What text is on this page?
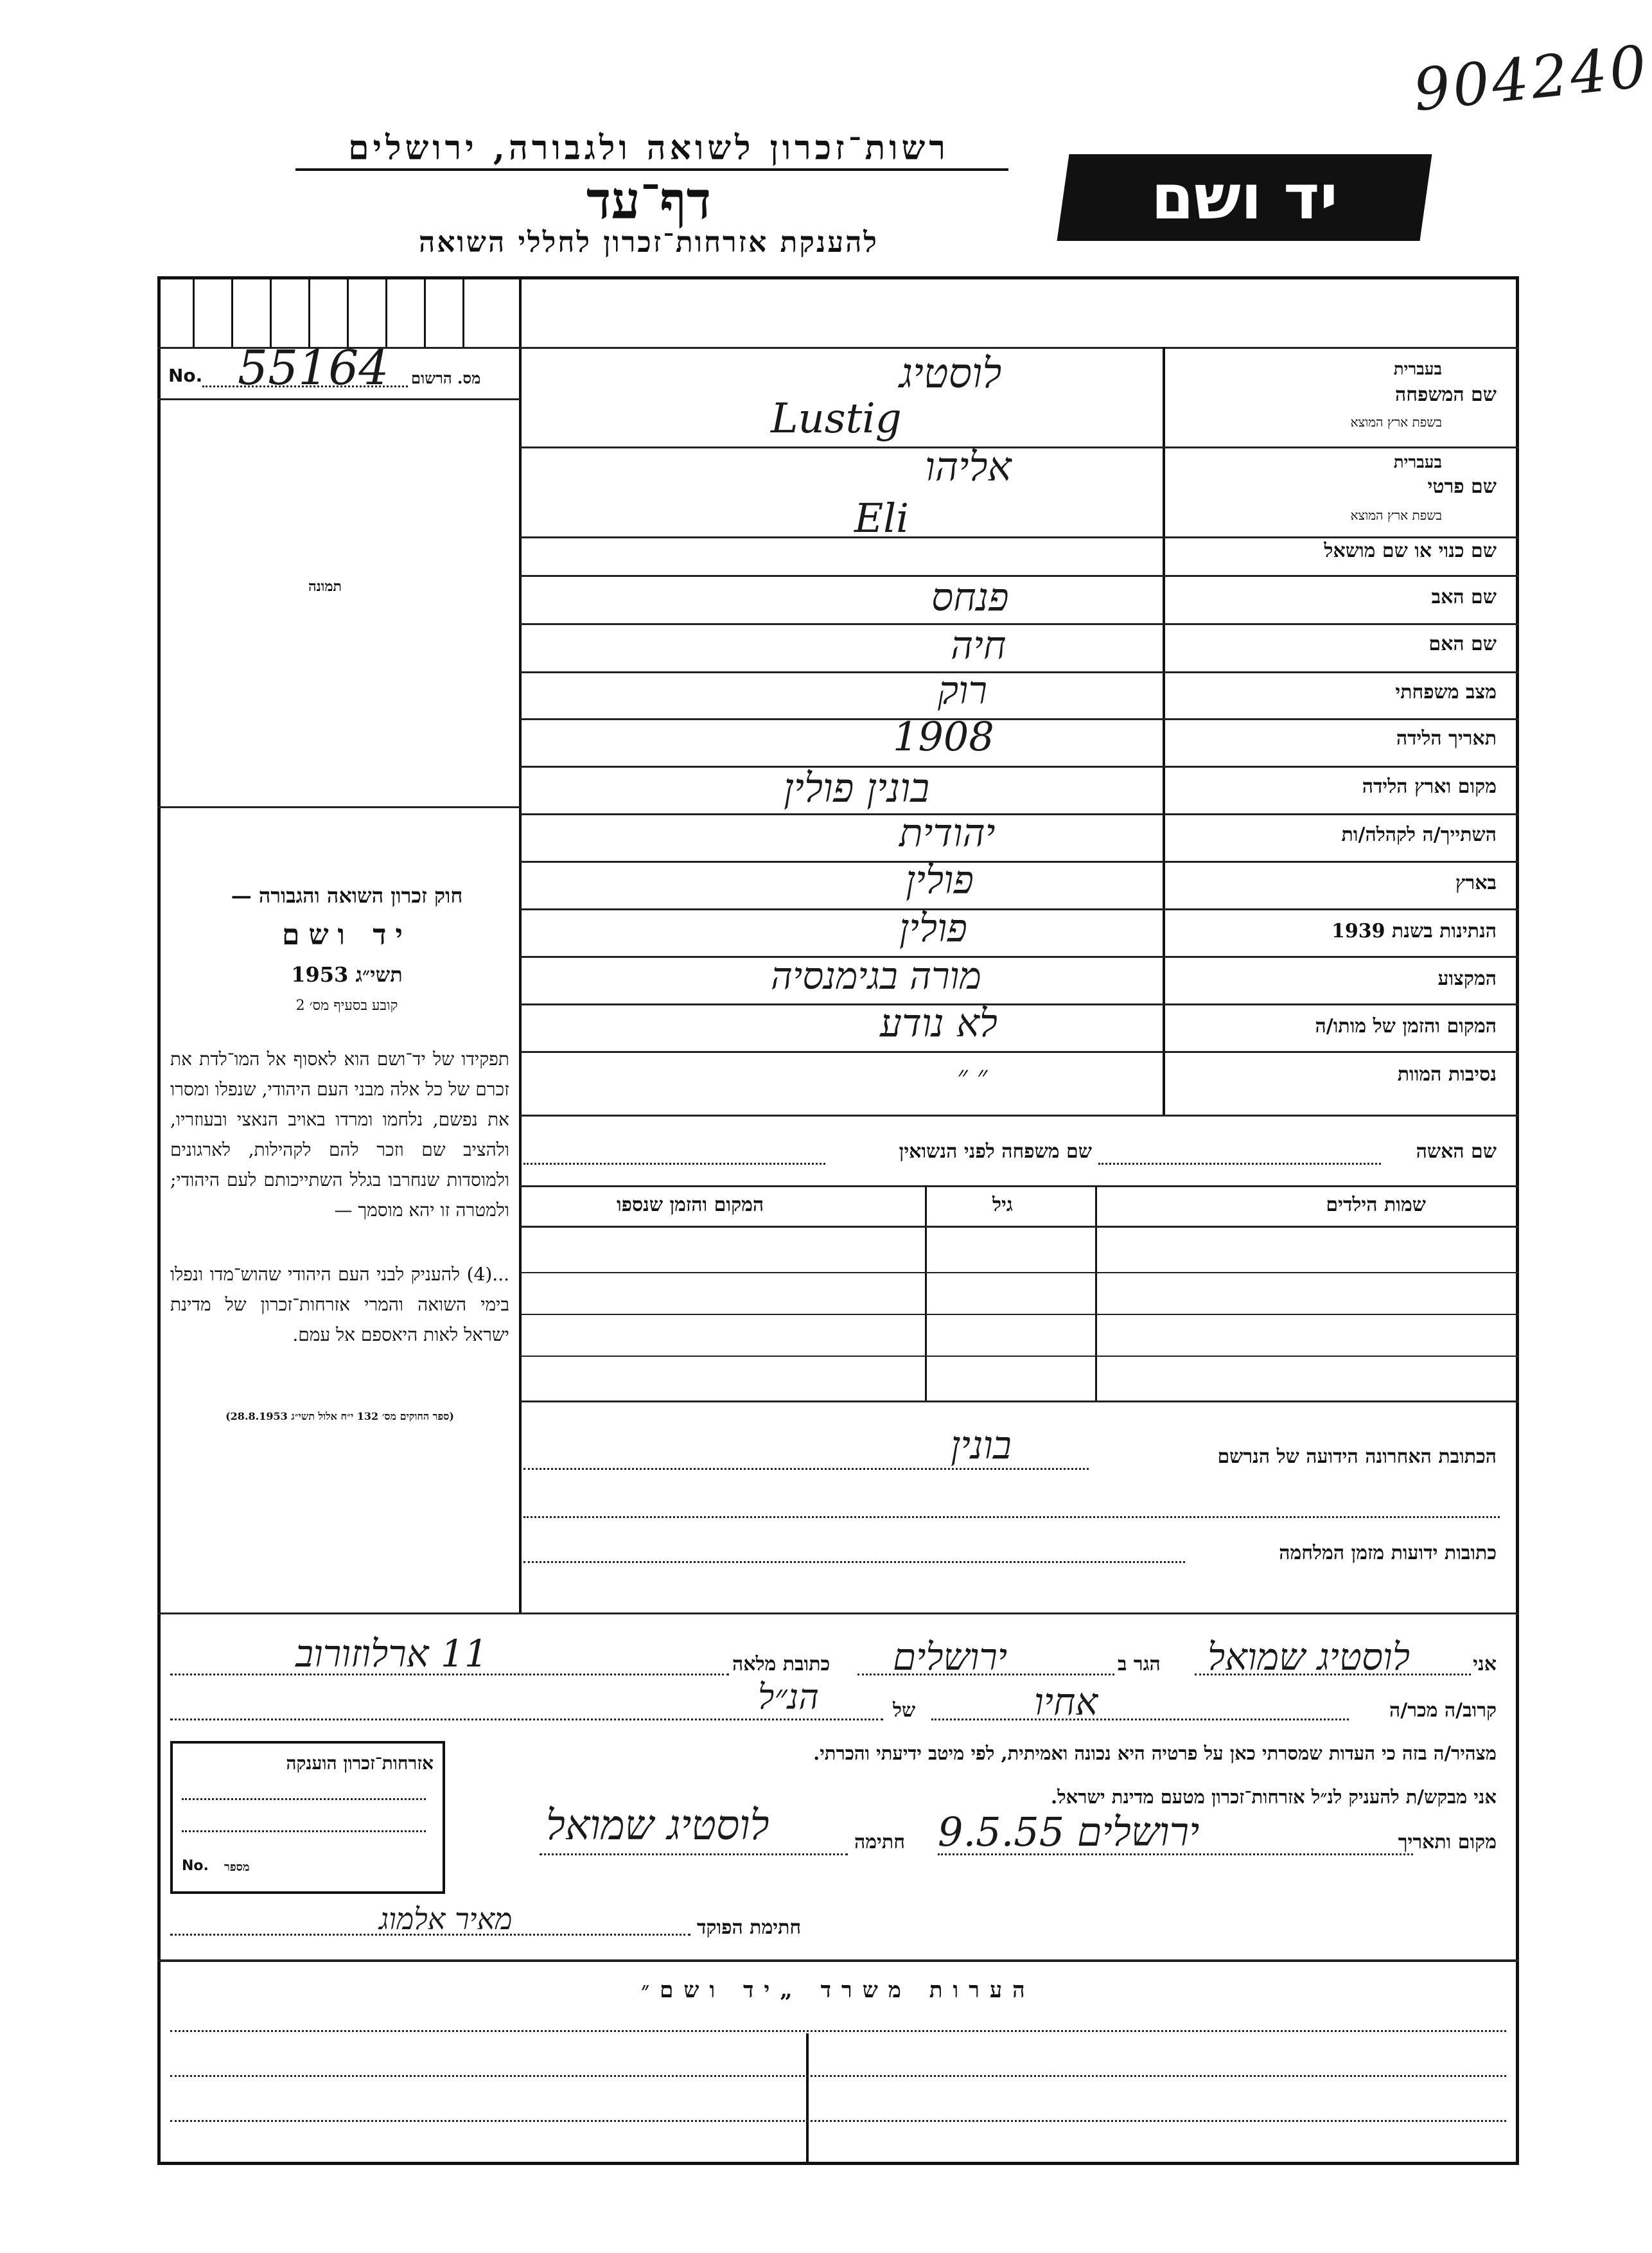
904240
רשות־זכרון לשואה ולגבורה, ירושלים
דף־עד
להענקת אזרחות־זכרון לחללי השואה
יד ושם
No. 55164 מס. הרשום
תמונה
חוק זכרון השואה והגבורה —
יד ושם
תשי״ג 1953
קובע בסעיף מס׳ 2
תפקידו של יד־ושם הוא לאסוף אל המו־לדת את זכרם של כל אלה מבני העם היהודי, שנפלו ומסרו את נפשם, נלחמו ומרדו באויב הנאצי ובעוזריו, ולהציב שם וזכר להם לקהילות, לארגונים ולמוסדות שנחרבו בגלל השתייכותם לעם היהודי; ולמטרה זו יהא מוסמך —
...(4) להעניק לבני העם היהודי שהוש־מדו ונפלו בימי השואה והמרי אזרחות־זכרון של מדינת ישראל לאות היאספם אל עמם.
(ספר החוקים מס׳ 132 י״ח אלול תשי״ג 28.8.1953)
שם המשפחה
בעברית
בשפת ארץ המוצא
לוסטיג
Lustig
שם פרטי
בעברית
בשפת ארץ המוצא
אליהו
Eli
שם כנוי או שם מושאל
שם האב
פנחס
שם האם
חיה
מצב משפחתי
רוק
תאריך הלידה
1908
מקום וארץ הלידה
בונין פולין
השתייך/ה לקהלה/ות
יהודית
בארץ
פולין
הנתינות בשנת 1939
פולין
המקצוע
מורה בגימנסיה
המקום והזמן של מותו/ה
לא נודע
נסיבות המוות
״ ״
שם האשה
שם משפחה לפני הנשואין
שמות הילדים
גיל
המקום והזמן שנספו
הכתובת האחרונה הידועה של הנרשם
בונין
כתובות ידועות מזמן המלחמה
אני
לוסטיג שמואל
הגר ב
ירושלים
כתובת מלאה
11 ארלוזורוב
קרוב/ה מכר/ה
אחיו
של
הנ״ל
מצהיר/ה בזה כי העדות שמסרתי כאן על פרטיה היא נכונה ואמיתית, לפי מיטב ידיעתי והכרתי.
אני מבקש/ת להעניק לנ״ל אזרחות־זכרון מטעם מדינת ישראל.
מקום ותאריך
ירושלים 9.5.55
חתימה
לוסטיג שמואל
אזרחות־זכרון הוענקה
No. מספר
חתימת הפוקד
מאיר אלמוג
הערות משרד „יד ושם״
